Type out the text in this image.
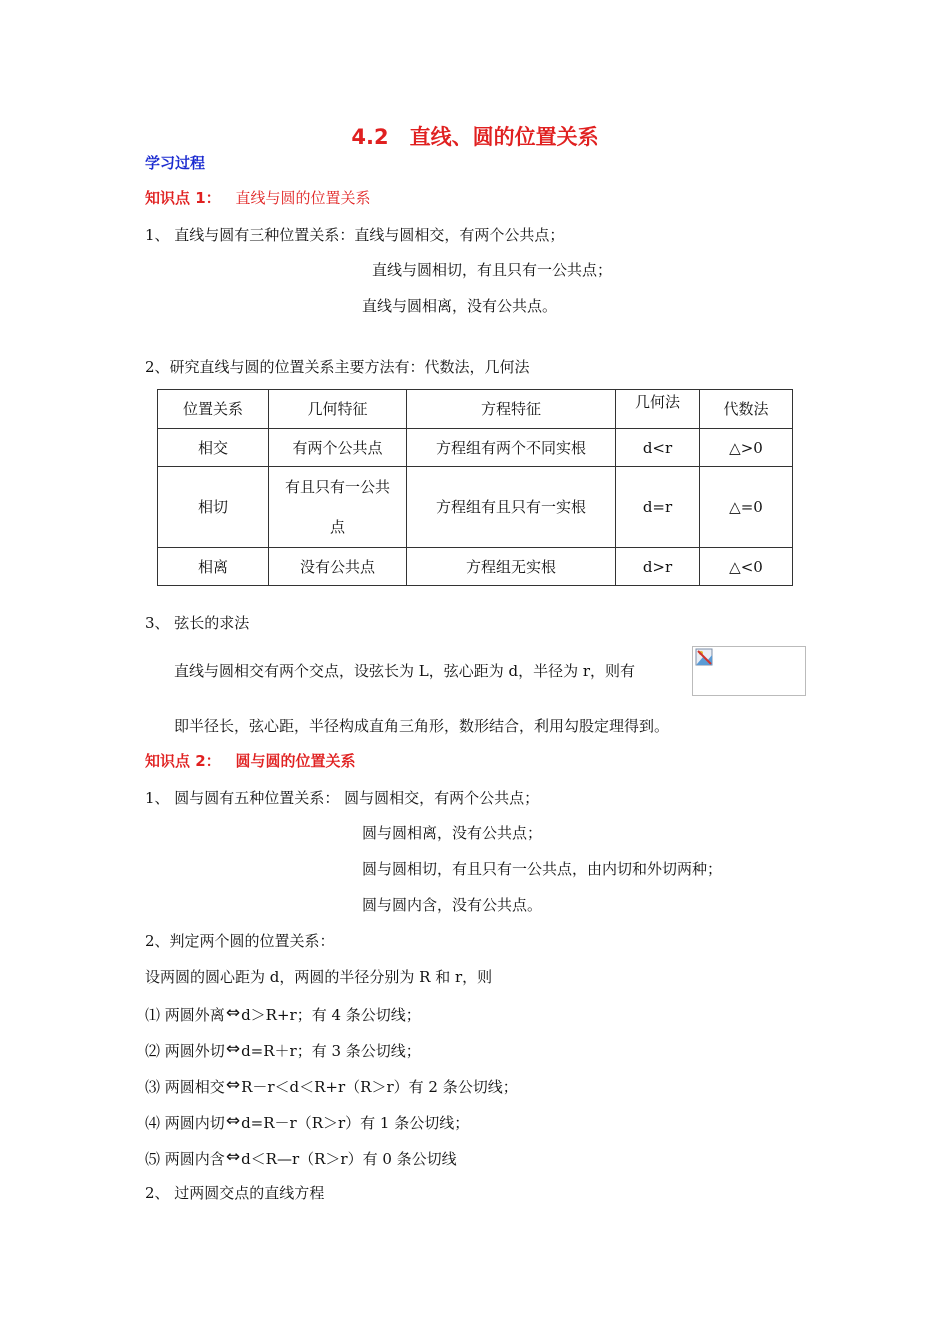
4.2　直线、圆的位置关系
学习过程
知识点 1： 直线与圆的位置关系
1、 直线与圆有三种位置关系：直线与圆相交，有两个公共点；
直线与圆相切，有且只有一公共点；
直线与圆相离，没有公共点。
2、研究直线与圆的位置关系主要方法有：代数法，几何法
位置关系	几何特征	方程特征	几何法	代数法
相交	有两个公共点	方程组有两个不同实根	d<r	△>0
相切	有且只有一公共点	方程组有且只有一实根	d=r	△=0
相离	没有公共点	方程组无实根	d>r	△<0
3、 弦长的求法
直线与圆相交有两个交点，设弦长为 L，弦心距为 d，半径为 r，则有
即半径长，弦心距，半径构成直角三角形，数形结合，利用勾股定理得到。
知识点 2： 圆与圆的位置关系
1、 圆与圆有五种位置关系： 圆与圆相交，有两个公共点；
圆与圆相离，没有公共点；
圆与圆相切，有且只有一公共点，由内切和外切两种；
圆与圆内含，没有公共点。
2、判定两个圆的位置关系：
设两圆的圆心距为 d，两圆的半径分别为 R 和 r，则
⑴ 两圆外离⇔d＞R+r；有 4 条公切线；
⑵ 两圆外切⇔d=R＋r；有 3 条公切线；
⑶ 两圆相交⇔R－r＜d＜R+r（R＞r）有 2 条公切线；
⑷ 两圆内切⇔d=R－r（R＞r）有 1 条公切线；
⑸ 两圆内含⇔d＜R—r（R＞r）有 0 条公切线
2、 过两圆交点的直线方程
